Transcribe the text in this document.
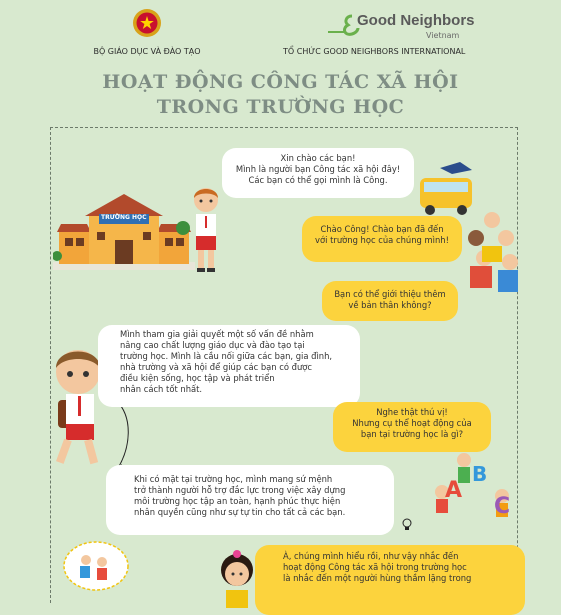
BỘ GIÁO DỤC VÀ ĐÀO TẠO
Good Neighbors
Vietnam
TỔ CHỨC GOOD NEIGHBORS INTERNATIONAL
HOẠT ĐỘNG CÔNG TÁC XÃ HỘI
TRONG TRƯỜNG HỌC
TRƯỜNG HỌC
A
B
C
Xin chào các bạn!
Mình là người bạn Công tác xã hội đây!
Các bạn có thể gọi mình là Công.
Chào Công! Chào bạn đã đến
với trường học của chúng mình!
Bạn có thể giới thiệu thêm
về bản thân không?
Mình tham gia giải quyết một số vấn đề nhằm
nâng cao chất lượng giáo dục và đào tạo tại
trường học. Mình là cầu nối giữa các bạn, gia đình,
nhà trường và xã hội để giúp các bạn có được
điều kiện sống, học tập và phát triển
nhân cách tốt nhất.
Nghe thật thú vị!
Nhưng cụ thể hoạt động của
bạn tại trường học là gì?
Khi có mặt tại trường học, mình mang sứ mệnh
trở thành người hỗ trợ đắc lực trong việc xây dựng
môi trường học tập an toàn, hạnh phúc thực hiện
nhân quyền cũng như sự tự tin cho tất cả các bạn.
À, chúng mình hiểu rồi, như vậy nhắc đến
hoạt động Công tác xã hội trong trường học
là nhắc đến một người hùng thầm lặng trong
